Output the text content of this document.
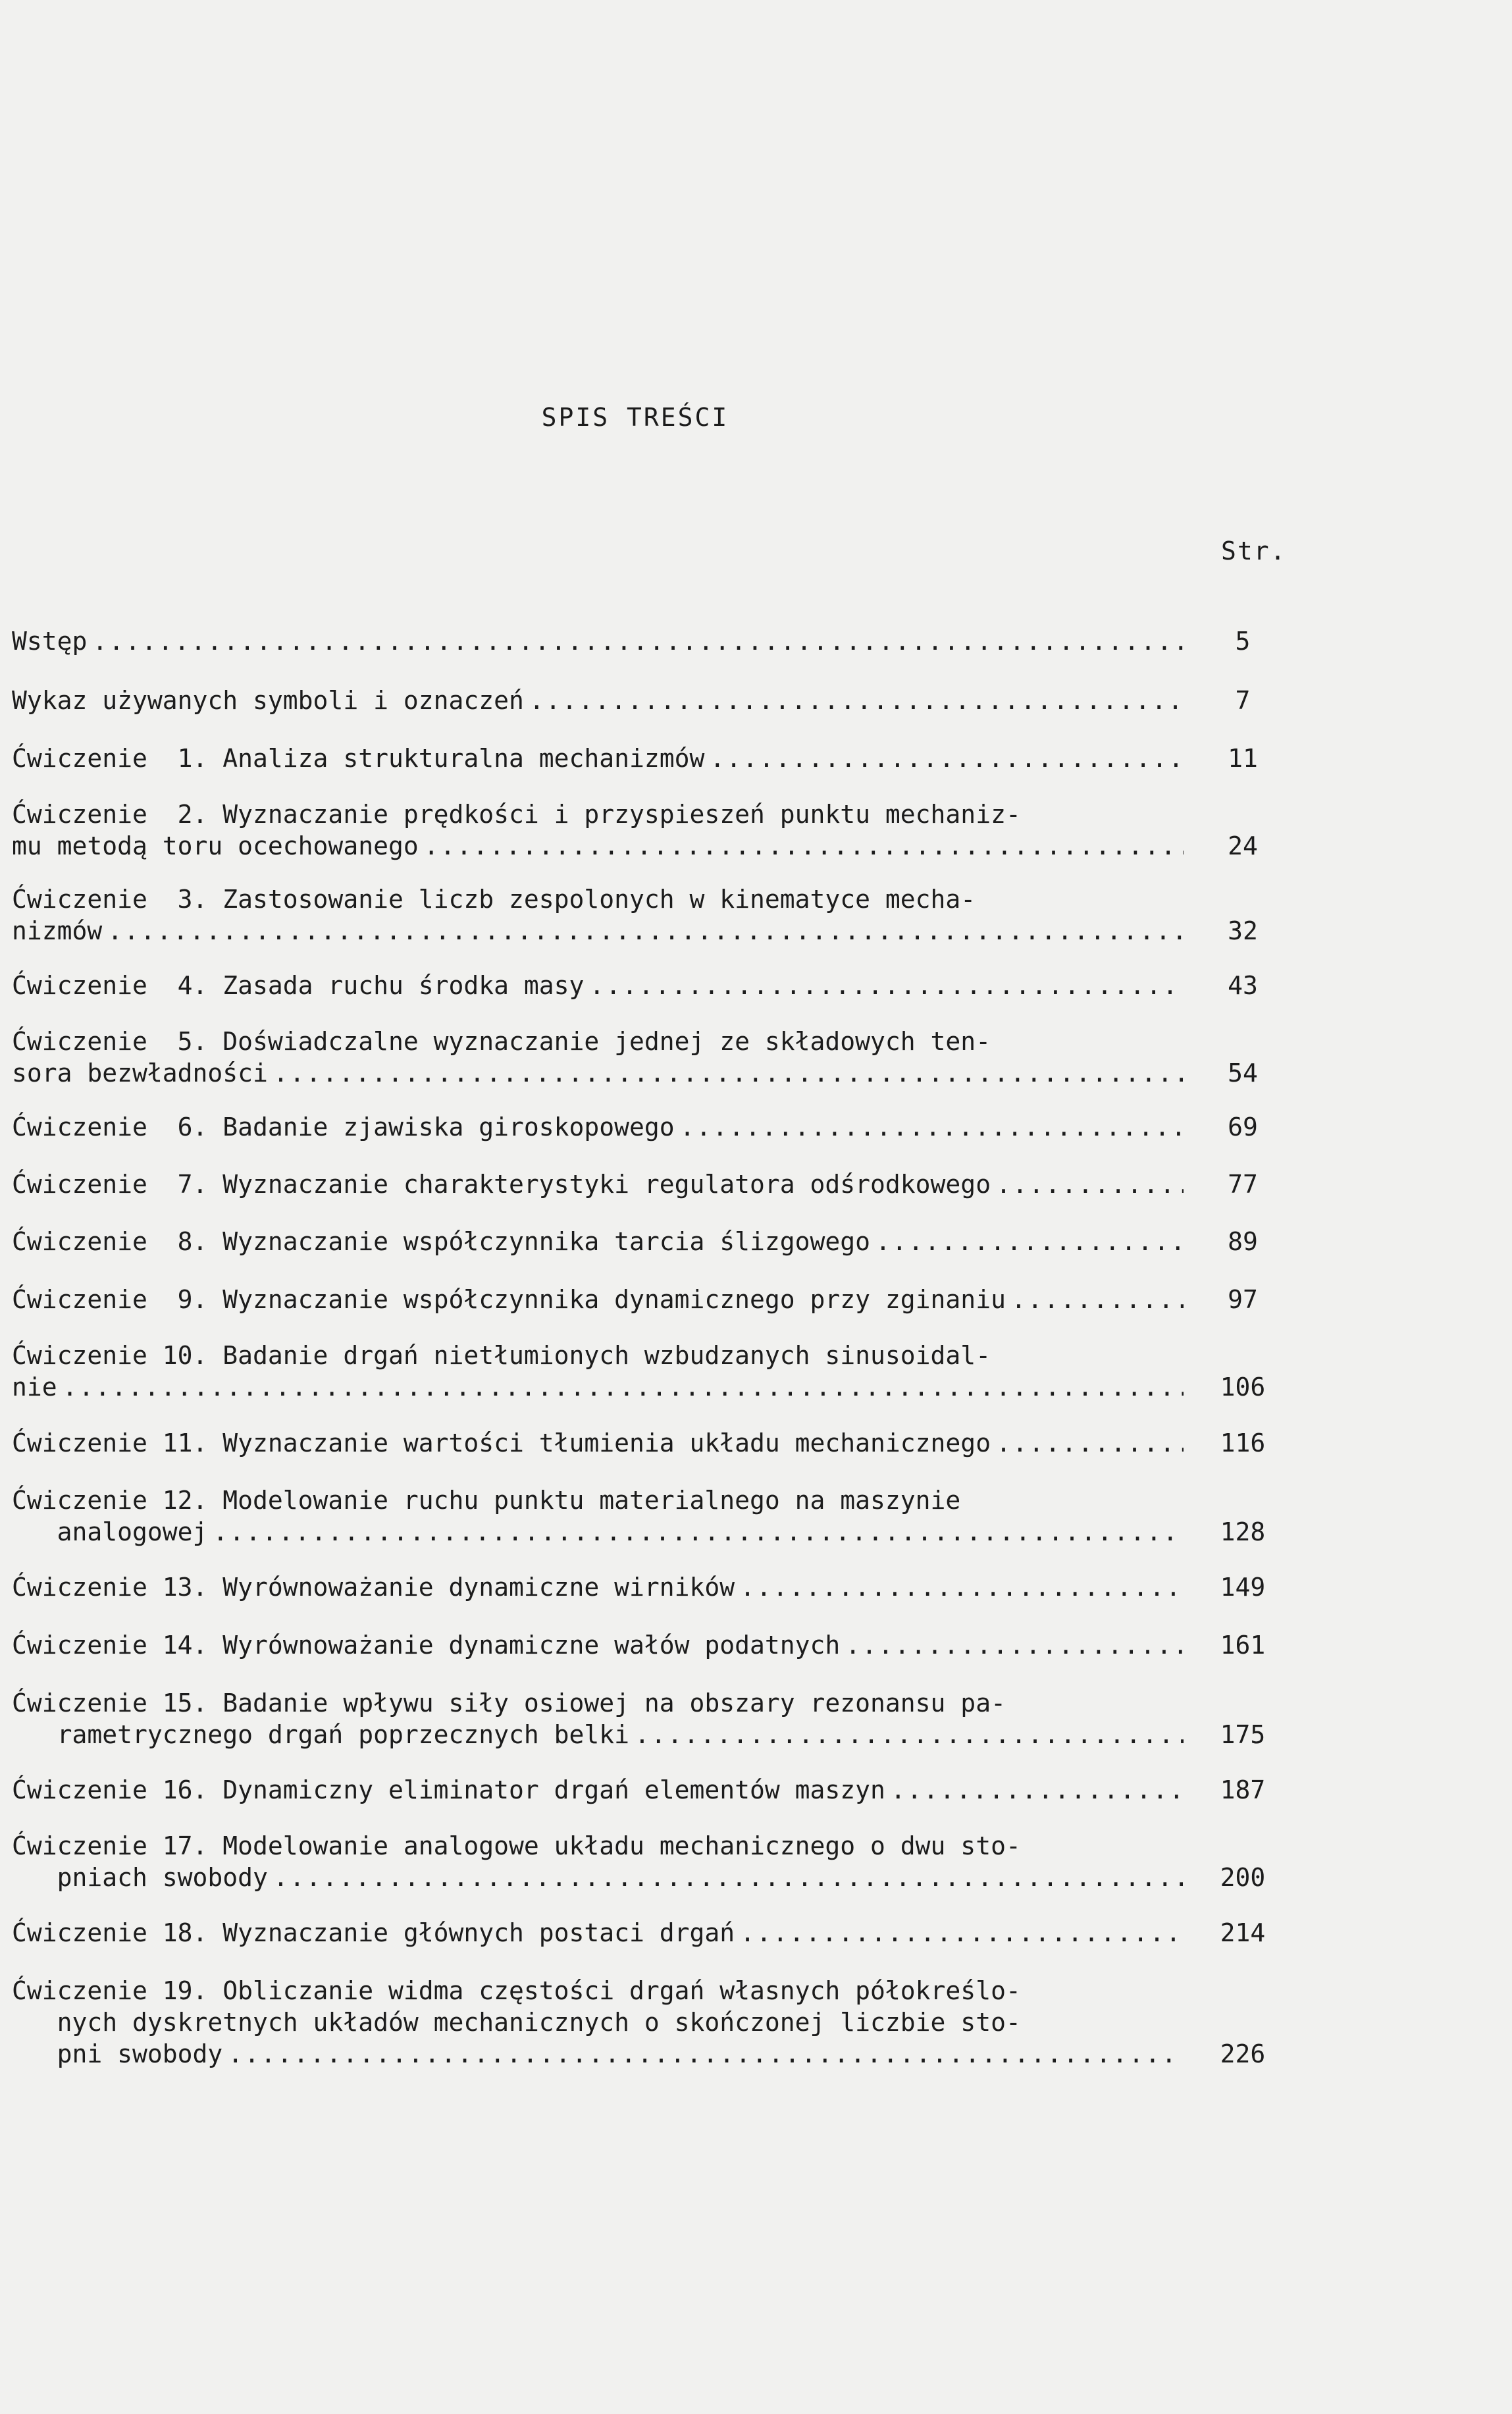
SPIS TREŚCI
Str.
Wstęp .....	5
Wykaz używanych symboli i oznaczeń .....	7
Ćwiczenie  1. Analiza strukturalna mechanizmów .....	11
Ćwiczenie  2. Wyznaczanie prędkości i przyspieszeń punktu mechaniz-
mu metodą toru ocechowanego .....	24
Ćwiczenie  3. Zastosowanie liczb zespolonych w kinematyce mecha-
nizmów .....	32
Ćwiczenie  4. Zasada ruchu środka masy .....	43
Ćwiczenie  5. Doświadczalne wyznaczanie jednej ze składowych ten-
sora bezwładności .....	54
Ćwiczenie  6. Badanie zjawiska giroskopowego .....	69
Ćwiczenie  7. Wyznaczanie charakterystyki regulatora odśrodkowego .....	77
Ćwiczenie  8. Wyznaczanie współczynnika tarcia ślizgowego .....	89
Ćwiczenie  9. Wyznaczanie współczynnika dynamicznego przy zginaniu .....	97
Ćwiczenie 10. Badanie drgań nietłumionych wzbudzanych sinusoidal-
nie .....	106
Ćwiczenie 11. Wyznaczanie wartości tłumienia układu mechanicznego .....	116
Ćwiczenie 12. Modelowanie ruchu punktu materialnego na maszynie
analogowej .....	128
Ćwiczenie 13. Wyrównoważanie dynamiczne wirników .....	149
Ćwiczenie 14. Wyrównoważanie dynamiczne wałów podatnych .....	161
Ćwiczenie 15. Badanie wpływu siły osiowej na obszary rezonansu pa-
rametrycznego drgań poprzecznych belki .....	175
Ćwiczenie 16. Dynamiczny eliminator drgań elementów maszyn .....	187
Ćwiczenie 17. Modelowanie analogowe układu mechanicznego o dwu sto-
pniach swobody .....	200
Ćwiczenie 18. Wyznaczanie głównych postaci drgań .....	214
Ćwiczenie 19. Obliczanie widma częstości drgań własnych półokreślo-
nych dyskretnych układów mechanicznych o skończonej liczbie sto-
pni swobody .....	226
